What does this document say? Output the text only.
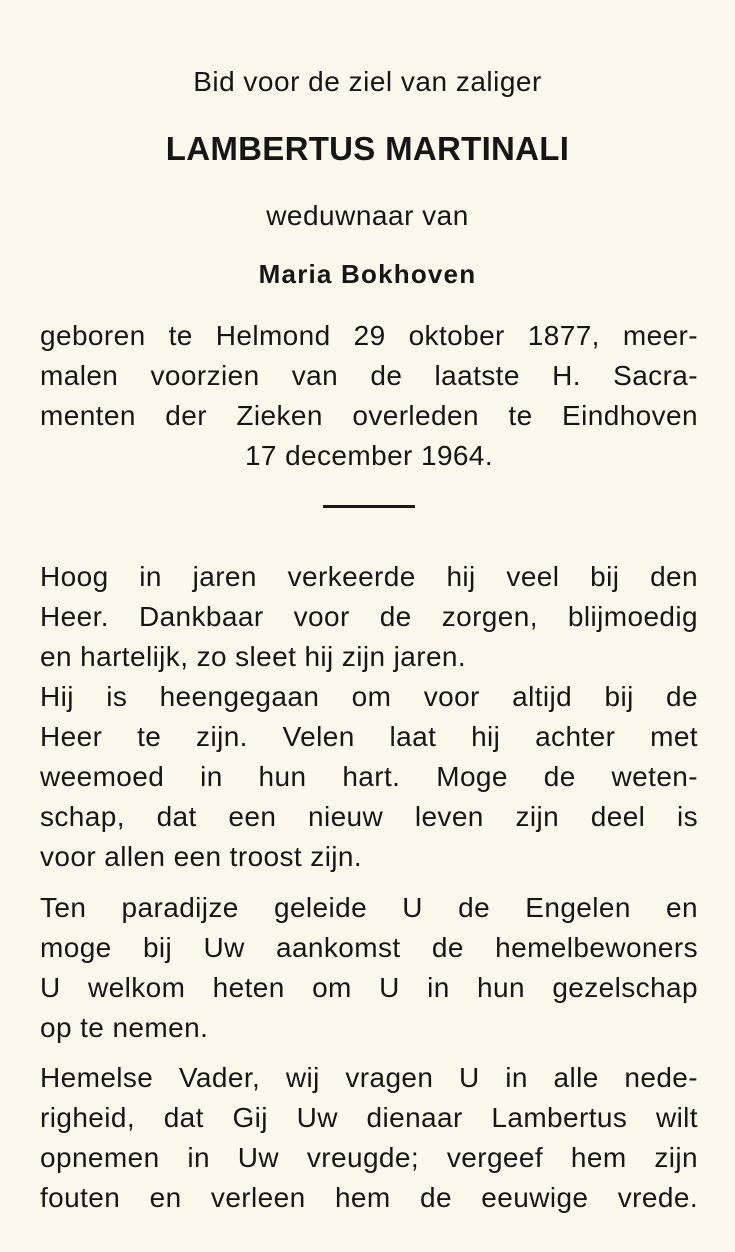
Bid voor de ziel van zaliger
LAMBERTUS MARTINALI
weduwnaar van
Maria Bokhoven
geboren te Helmond 29 oktober 1877, meer-
malen voorzien van de laatste H. Sacra-
menten der Zieken overleden te Eindhoven
17 december 1964.
Hoog in jaren verkeerde hij veel bij den
Heer. Dankbaar voor de zorgen, blijmoedig
en hartelijk, zo sleet hij zijn jaren.
Hij is heengegaan om voor altijd bij de
Heer te zijn. Velen laat hij achter met
weemoed in hun hart. Moge de weten-
schap, dat een nieuw leven zijn deel is
voor allen een troost zijn.
Ten paradijze geleide U de Engelen en
moge bij Uw aankomst de hemelbewoners
U welkom heten om U in hun gezelschap
op te nemen.
Hemelse Vader, wij vragen U in alle nede-
righeid, dat Gij Uw dienaar Lambertus wilt
opnemen in Uw vreugde; vergeef hem zijn
fouten en verleen hem de eeuwige vrede.
